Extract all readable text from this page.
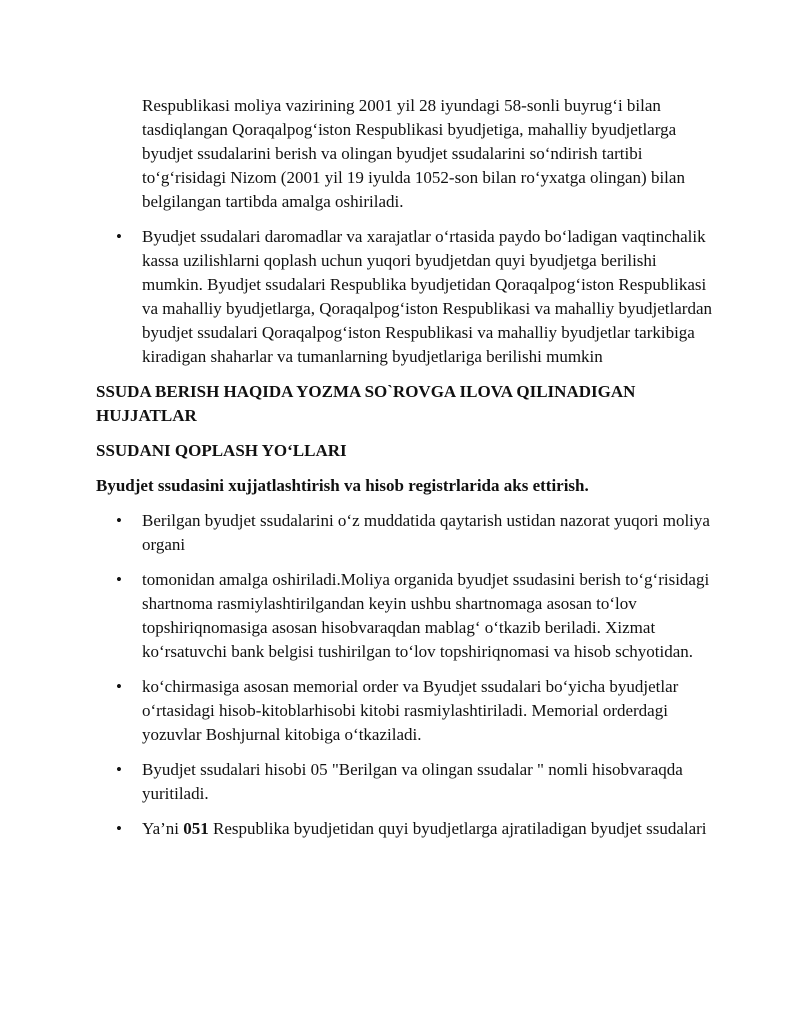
Respublikasi moliya vazirining 2001 yil 28 iyundagi 58-sonli buyrug‘i bilan tasdiqlangan Qoraqalpog‘iston Respublikasi byudjetiga, mahalliy byudjetlarga byudjet ssudalarini berish va olingan byudjet ssudalarini so‘ndirish tartibi to‘g‘risidagi Nizom (2001 yil 19 iyulda 1052-son bilan ro‘yxatga olingan) bilan belgilangan tartibda amalga oshiriladi.

• Byudjet ssudalari daromadlar va xarajatlar o‘rtasida paydo bo‘ladigan vaqtinchalik kassa uzilishlarni qoplash uchun yuqori byudjetdan quyi byudjetga berilishi mumkin. Byudjet ssudalari Respublika byudjetidan Qoraqalpog‘iston Respublikasi va mahalliy byudjetlarga, Qoraqalpog‘iston Respublikasi va mahalliy byudjetlardan byudjet ssudalari Qoraqalpog‘iston Respublikasi va mahalliy byudjetlar tarkibiga kiradigan shaharlar va tumanlarning byudjetlariga berilishi mumkin

SSUDA BERISH HAQIDA YOZMA SO`ROVGA ILOVA QILINADIGAN HUJJATLAR

SSUDANI QOPLASH YO‘LLARI

Byudjet ssudasini xujjatlashtirish va hisob registrlarida aks ettirish.

• Berilgan byudjet ssudalarini o‘z muddatida qaytarish ustidan nazorat yuqori moliya organi
• tomonidan amalga oshiriladi.Moliya organida byudjet ssudasini berish to‘g‘risidagi shartnoma rasmiylashtirilgandan keyin ushbu shartnomaga asosan to‘lov topshiriqnomasiga asosan hisobvaraqdan mablag‘ o‘tkazib beriladi. Xizmat ko‘rsatuvchi bank belgisi tushirilgan to‘lov topshiriqnomasi va hisob schyotidan.
• ko‘chirmasiga asosan memorial order va Byudjet ssudalari bo‘yicha byudjetlar o‘rtasidagi hisob-kitoblarhisobi kitobi rasmiylashtiriladi. Memorial orderdagi yozuvlar Boshjurnal kitobiga o‘tkaziladi.
• Byudjet ssudalari hisobi 05 "Berilgan va olingan ssudalar " nomli hisobvaraqda yuritiladi.
• Ya’ni 051 Respublika byudjetidan quyi byudjetlarga ajratiladigan byudjet ssudalari
